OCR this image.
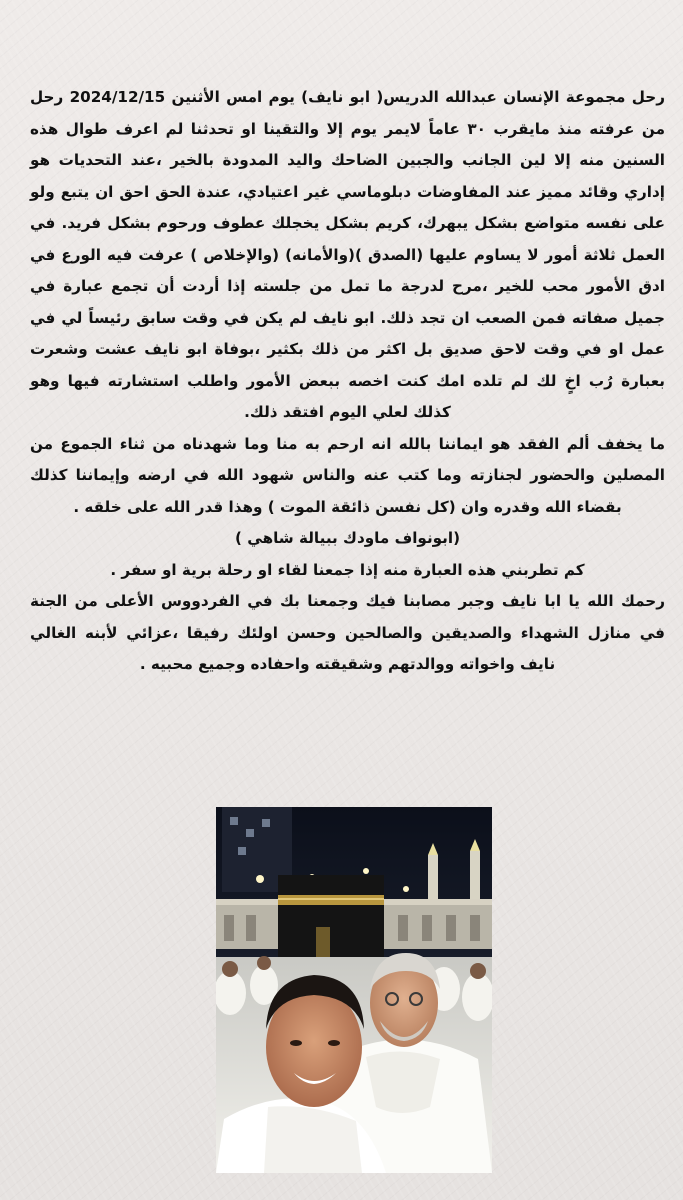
رحل مجموعة الإنسان عبدالله الدريس( ابو نايف) يوم امس الأثنين 2024/12/15 رحل من عرفته منذ مايقرب ٣٠ عاماً لايمر يوم إلا والتقينا او تحدثنا لم اعرف طوال هذه السنين منه إلا لين الجانب والجبين الضاحك واليد المدودة بالخير ،عند التحديات هو إداري وقائد مميز عند المفاوضات دبلوماسي غير اعتيادي، عندة الحق احق ان يتبع ولو على نفسه متواضع بشكل يبهرك، كريم بشكل يخجلك عطوف ورحوم بشكل فريد. في العمل ثلاثة أمور لا يساوم عليها (الصدق )(والأمانه) (والإخلاص ) عرفت فيه الورع في ادق الأمور محب للخير ،مرح لدرجة ما تمل من جلسته إذا أردت أن تجمع عبارة في جميل صفاته فمن الصعب ان تجد ذلك. ابو نايف لم يكن في وقت سابق رئيساً لي في عمل او في وقت لاحق صديق بل اكثر من ذلك بكثير ،بوفاة ابو نايف عشت وشعرت بعبارة رُب اخٍ لك لم تلده امك كنت اخصه ببعض الأمور واطلب استشارته فيها وهو كذلك لعلي اليوم افتقد ذلك.

ما يخفف ألم الفقد هو ايماننا بالله انه ارحم به منا وما شهدناه من ثناء الجموع من المصلين والحضور لجنازته وما كتب عنه والناس شهود الله في ارضه وإيماننا كذلك بقضاء الله وقدره وان (كل نفسن ذائقة الموت ) وهذا قدر الله على خلقه .

(ابونواف ماودك ببيالة شاهي )

كم تطربني هذه العبارة منه إذا جمعنا لقاء او رحلة برية او سفر .

رحمك الله يا ابا نايف وجبر مصابنا فيك وجمعنا بك في الفردووس الأعلى من الجنة في منازل الشهداء والصديقين والصالحين وحسن اولئك رفيقا ،عزائي لأبنه الغالي نايف واخواته ووالدتهم وشقيقته واحفاده وجميع محبيه .
